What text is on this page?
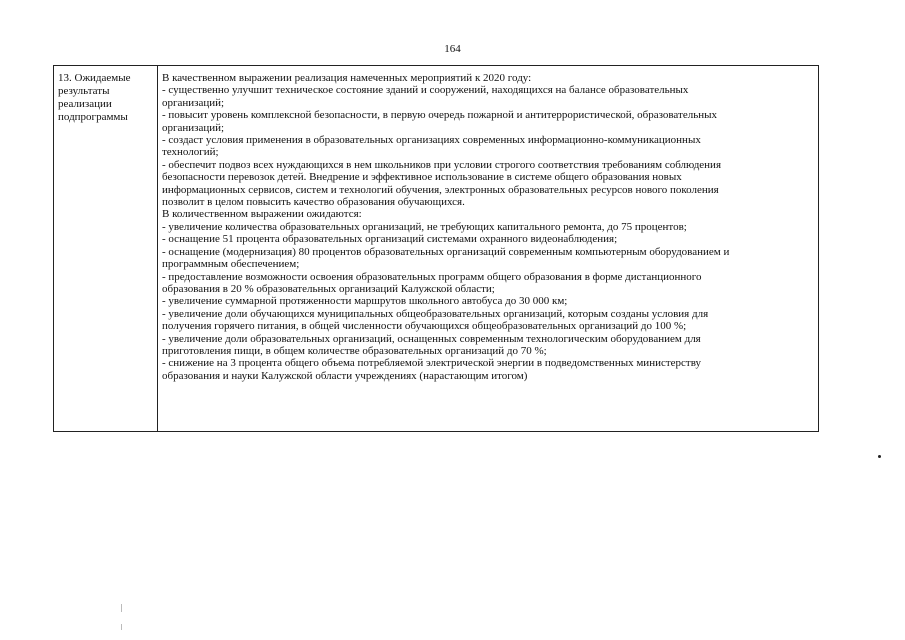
164
13. Ожидаемые
результаты
реализации
подпрограммы
В качественном выражении реализация намеченных мероприятий к 2020 году:
- существенно улучшит техническое состояние зданий и сооружений, находящихся на балансе образовательных
организаций;
- повысит уровень комплексной безопасности, в первую очередь пожарной и антитеррористической, образовательных
организаций;
- создаст условия применения в образовательных организациях современных информационно-коммуникационных
технологий;
- обеспечит подвоз всех нуждающихся в нем школьников при условии строгого соответствия требованиям соблюдения
безопасности перевозок детей. Внедрение и эффективное использование в системе общего образования новых
информационных сервисов, систем и технологий обучения, электронных образовательных ресурсов нового поколения
позволит в целом повысить качество образования обучающихся.
В количественном выражении ожидаются:
- увеличение количества образовательных организаций, не требующих капитального ремонта, до 75 процентов;
- оснащение 51 процента образовательных организаций системами охранного видеонаблюдения;
- оснащение (модернизация) 80 процентов образовательных организаций современным компьютерным оборудованием и
программным обеспечением;
- предоставление возможности освоения образовательных программ общего образования в форме дистанционного
образования в 20 % образовательных организаций Калужской области;
- увеличение суммарной протяженности маршрутов школьного автобуса до 30 000 км;
- увеличение доли обучающихся муниципальных общеобразовательных организаций, которым созданы условия для
получения горячего питания, в общей численности обучающихся общеобразовательных организаций до 100 %;
- увеличение доли образовательных организаций, оснащенных современным технологическим оборудованием для
приготовления пищи, в общем количестве образовательных организаций до 70 %;
- снижение на 3 процента общего объема потребляемой электрической энергии в подведомственных министерству
образования и науки Калужской области учреждениях (нарастающим итогом)
